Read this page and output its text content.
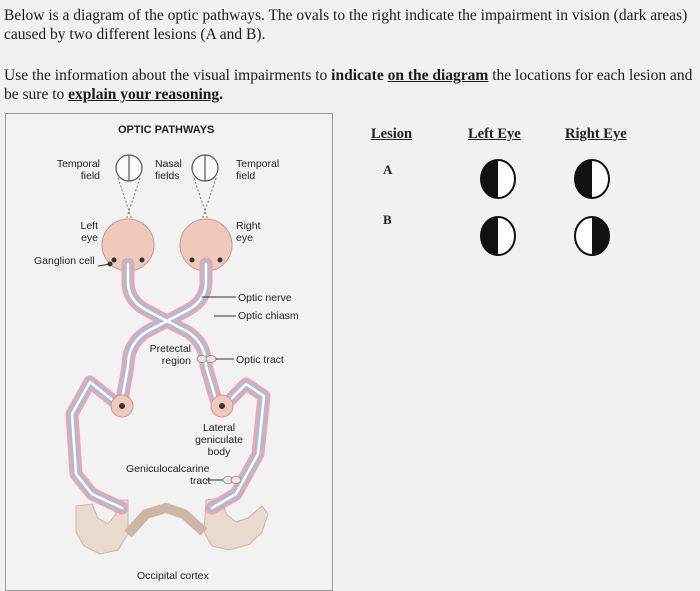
Below is a diagram of the optic pathways. The ovals to the right indicate the impairment in vision (dark areas) caused by two different lesions (A and B).

Use the information about the visual impairments to indicate on the diagram the locations for each lesion and be sure to explain your reasoning.

OPTIC PATHWAYS
Temporal
field
Nasal
fields
Temporal
field
Left
eye
Right
eye
Ganglion cell
Optic nerve
Optic chiasm
Pretectal
region	Optic tract
Lateral
geniculate
body
Geniculocalcarine
tract
Occipital cortex
Lesion	Left Eye	Right Eye
A
B
